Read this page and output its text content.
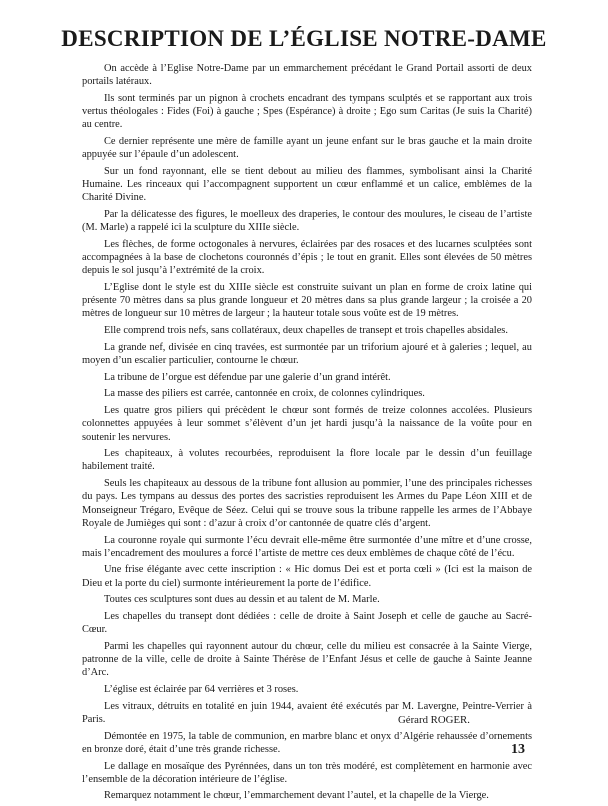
DESCRIPTION DE L’ÉGLISE NOTRE-DAME

On accède à l’Eglise Notre-Dame par un emmarchement précédant le Grand Portail assorti de deux portails latéraux.

Ils sont terminés par un pignon à crochets encadrant des tympans sculptés et se rapportant aux trois vertus théologales : Fides (Foi) à gauche ; Spes (Espérance) à droite ; Ego sum Caritas (Je suis la Charité) au centre.

Ce dernier représente une mère de famille ayant un jeune enfant sur le bras gauche et la main droite appuyée sur l’épaule d’un adolescent.

Sur un fond rayonnant, elle se tient debout au milieu des flammes, symbolisant ainsi la Charité Humaine. Les rinceaux qui l’accompagnent supportent un cœur enflammé et un calice, emblèmes de la Charité Divine.

Par la délicatesse des figures, le moelleux des draperies, le contour des moulures, le ciseau de l’artiste (M. Marle) a rappelé ici la sculpture du XIIIe siècle.

Les flèches, de forme octogonales à nervures, éclairées par des rosaces et des lucarnes sculptées sont accompagnées à la base de clochetons couronnés d’épis ; le tout en granit. Elles sont élevées de 50 mètres depuis le sol jusqu’à l’extrémité de la croix.

L’Eglise dont le style est du XIIIe siècle est construite suivant un plan en forme de croix latine qui présente 70 mètres dans sa plus grande longueur et 20 mètres dans sa plus grande largeur ; la croisée a 20 mètres de longueur sur 10 mètres de largeur ; la hauteur totale sous voûte est de 19 mètres.

Elle comprend trois nefs, sans collatéraux, deux chapelles de transept et trois chapelles absidales.

La grande nef, divisée en cinq travées, est surmontée par un triforium ajouré et à galeries ; lequel, au moyen d’un escalier particulier, contourne le chœur.

La tribune de l’orgue est défendue par une galerie d’un grand intérêt.

La masse des piliers est carrée, cantonnée en croix, de colonnes cylindriques.

Les quatre gros piliers qui précèdent le chœur sont formés de treize colonnes accolées. Plusieurs colonnettes appuyées à leur sommet s’élèvent d’un jet hardi jusqu’à la naissance de la voûte pour en soutenir les nervures.

Les chapiteaux, à volutes recourbées, reproduisent la flore locale par le dessin d’un feuillage habilement traité.

Seuls les chapiteaux au dessous de la tribune font allusion au pommier, l’une des principales richesses du pays. Les tympans au dessus des portes des sacristies reproduisent les Armes du Pape Léon XIII et de Monseigneur Trégaro, Evêque de Séez. Celui qui se trouve sous la tribune rappelle les armes de l’Abbaye Royale de Jumièges qui sont : d’azur à croix d’or cantonnée de quatre clés d’argent.

La couronne royale qui surmonte l’écu devrait elle-même être surmontée d’une mître et d’une crosse, mais l’encadrement des moulures a forcé l’artiste de mettre ces deux emblèmes de chaque côté de l’écu.

Une frise élégante avec cette inscription : « Hic domus Dei est et porta cœli » (Ici est la maison de Dieu et la porte du ciel) surmonte intérieurement la porte de l’édifice.

Toutes ces sculptures sont dues au dessin et au talent de M. Marle.

Les chapelles du transept dont dédiées : celle de droite à Saint Joseph et celle de gauche au Sacré-Cœur.

Parmi les chapelles qui rayonnent autour du chœur, celle du milieu est consacrée à la Sainte Vierge, patronne de la ville, celle de droite à Sainte Thérèse de l’Enfant Jésus et celle de gauche à Sainte Jeanne d’Arc.

L’église est éclairée par 64 verrières et 3 roses.

Les vitraux, détruits en totalité en juin 1944, avaient été exécutés par M. Lavergne, Peintre-Verrier à Paris.

Démontée en 1975, la table de communion, en marbre blanc et onyx d’Algérie rehaussée d’ornements en bronze doré, était d’une très grande richesse.

Le dallage en mosaïque des Pyrénnées, dans un ton très modéré, est complètement en harmonie avec l’ensemble de la décoration intérieure de l’église.

Remarquez notamment le chœur, l’emmarchement devant l’autel, et la chapelle de la Vierge.

Gérard ROGER.
13
